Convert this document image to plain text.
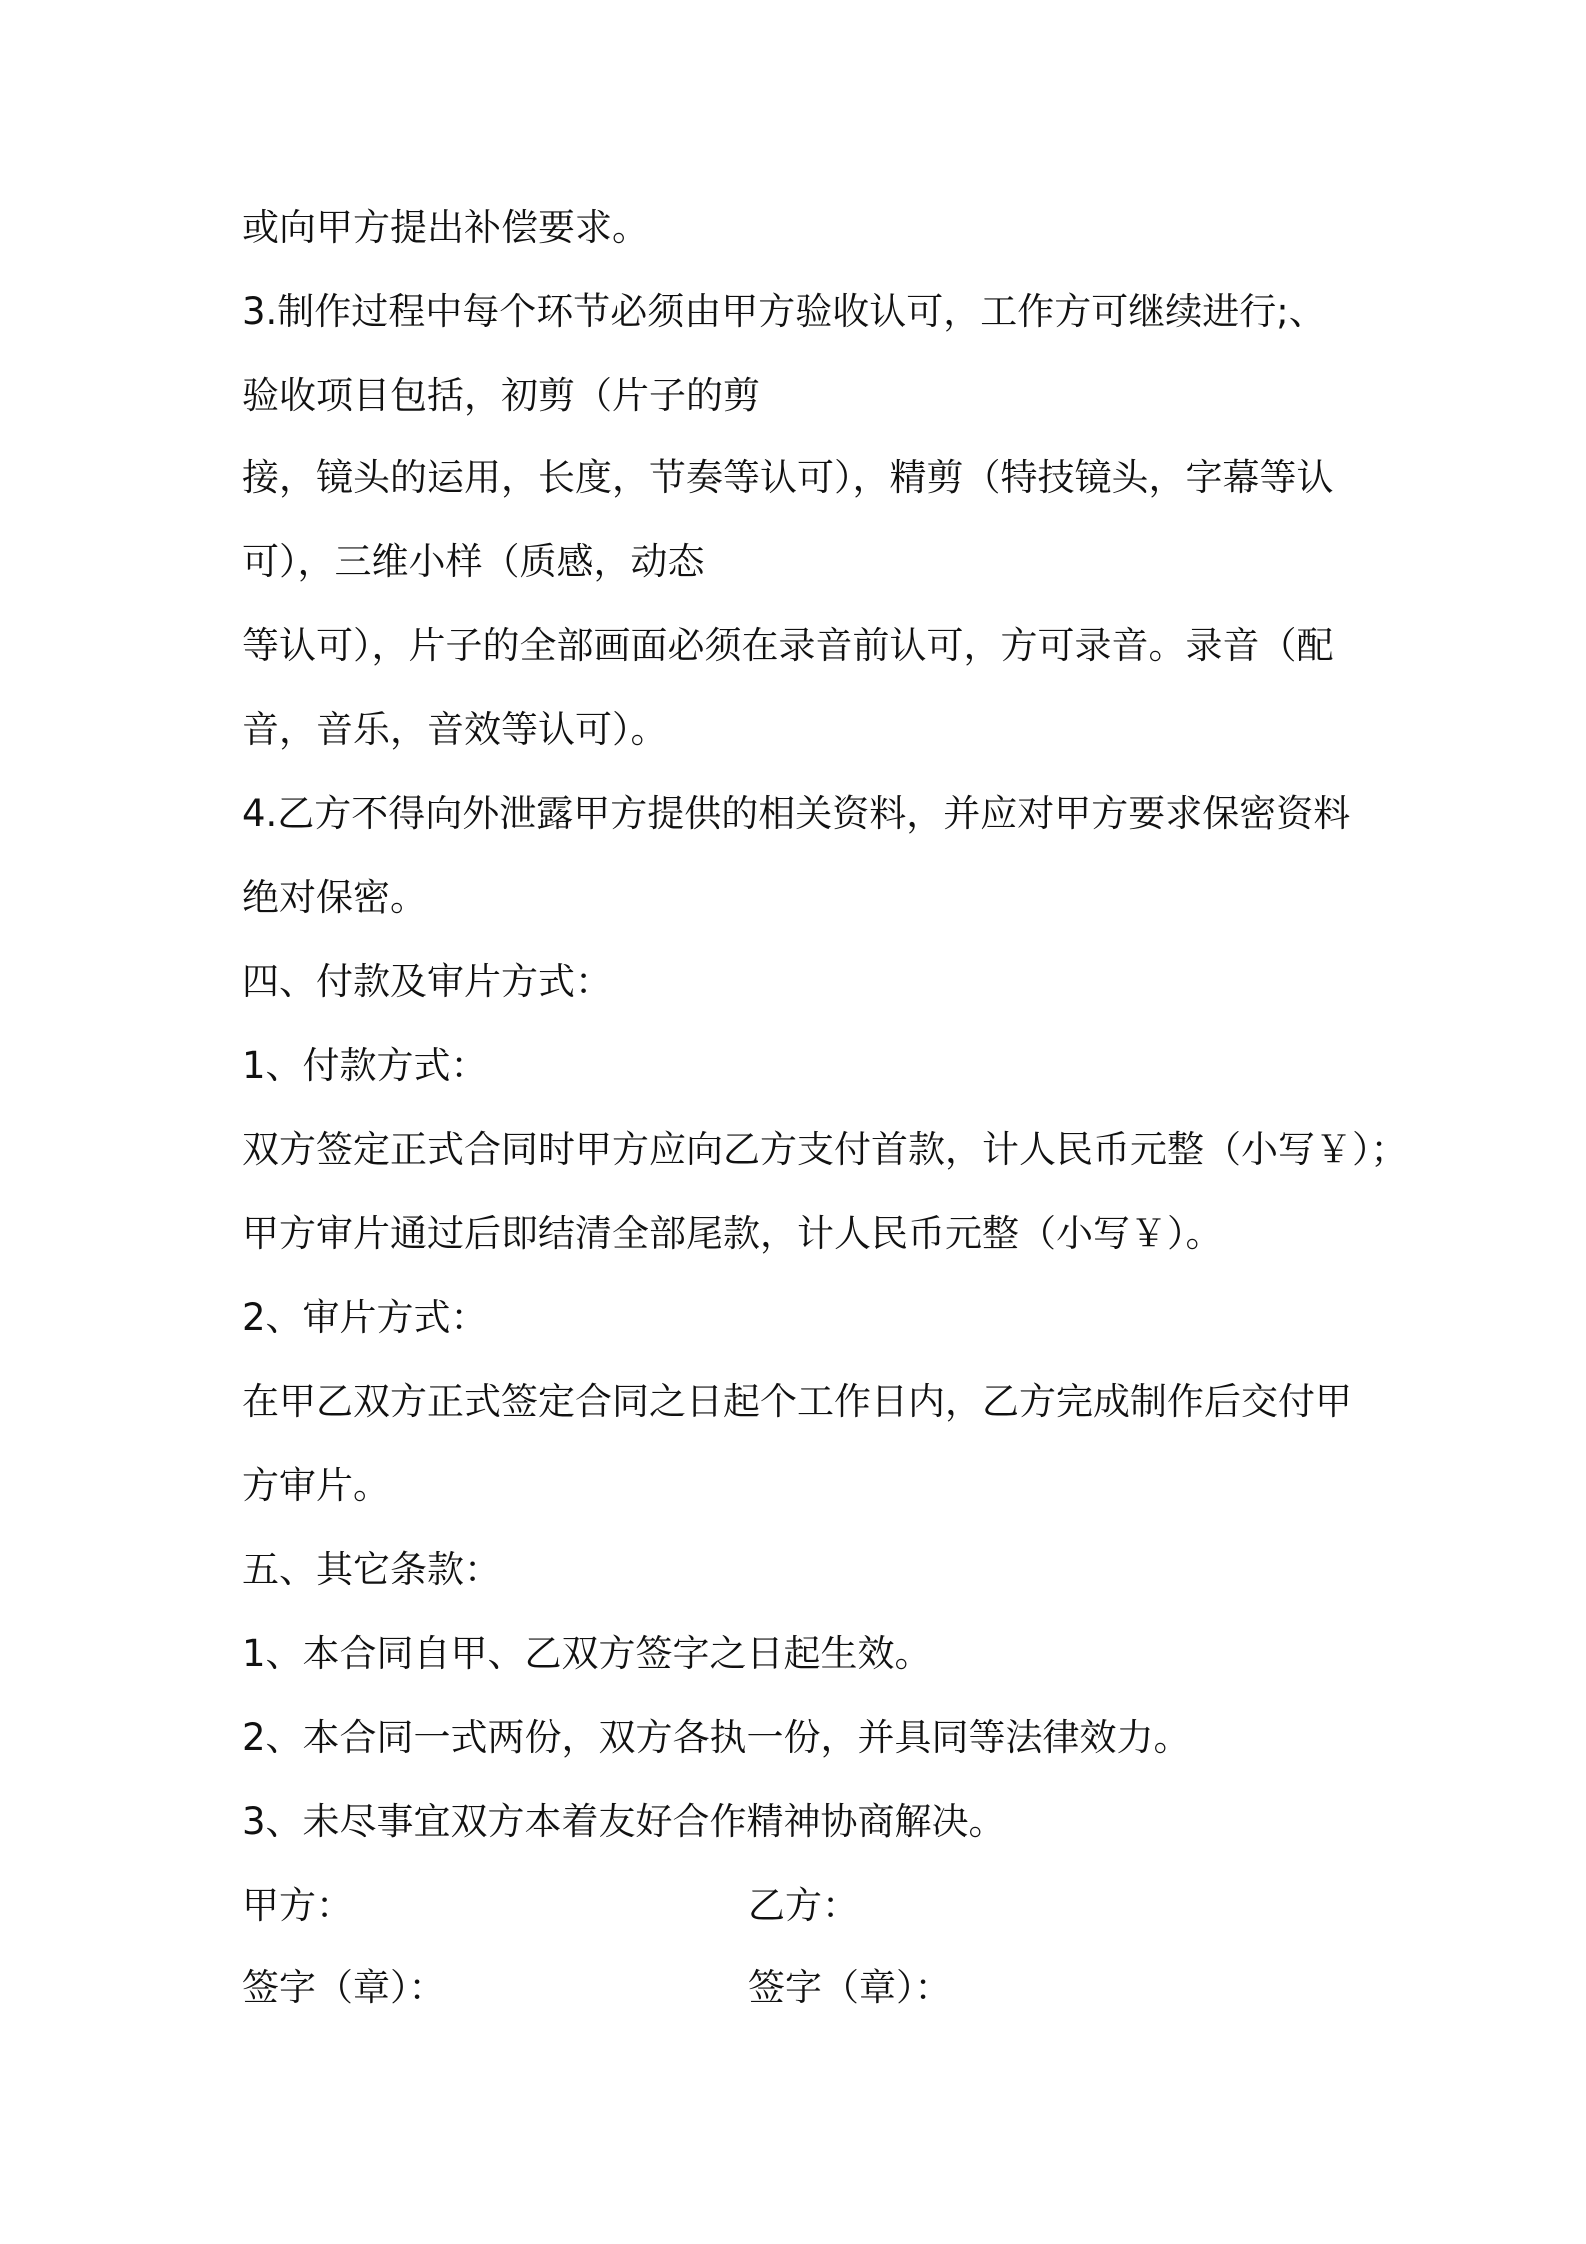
或向甲方提出补偿要求。

3.制作过程中每个环节必须由甲方验收认可，工作方可继续进行;、

验收项目包括，初剪（片子的剪

接，镜头的运用，长度，节奏等认可），精剪（特技镜头，字幕等认

可），三维小样（质感，动态

等认可），片子的全部画面必须在录音前认可，方可录音。录音（配

音，音乐，音效等认可）。

4.乙方不得向外泄露甲方提供的相关资料，并应对甲方要求保密资料

绝对保密。

四、付款及审片方式：

1、付款方式：

双方签定正式合同时甲方应向乙方支付首款，计人民币元整（小写￥）；

甲方审片通过后即结清全部尾款，计人民币元整（小写￥）。

2、审片方式：

在甲乙双方正式签定合同之日起个工作日内，乙方完成制作后交付甲

方审片。

五、其它条款：

1、本合同自甲、乙双方签字之日起生效。

2、本合同一式两份，双方各执一份，并具同等法律效力。

3、未尽事宜双方本着友好合作精神协商解决。

甲方：	乙方：

签字（章）：	签字（章）：
